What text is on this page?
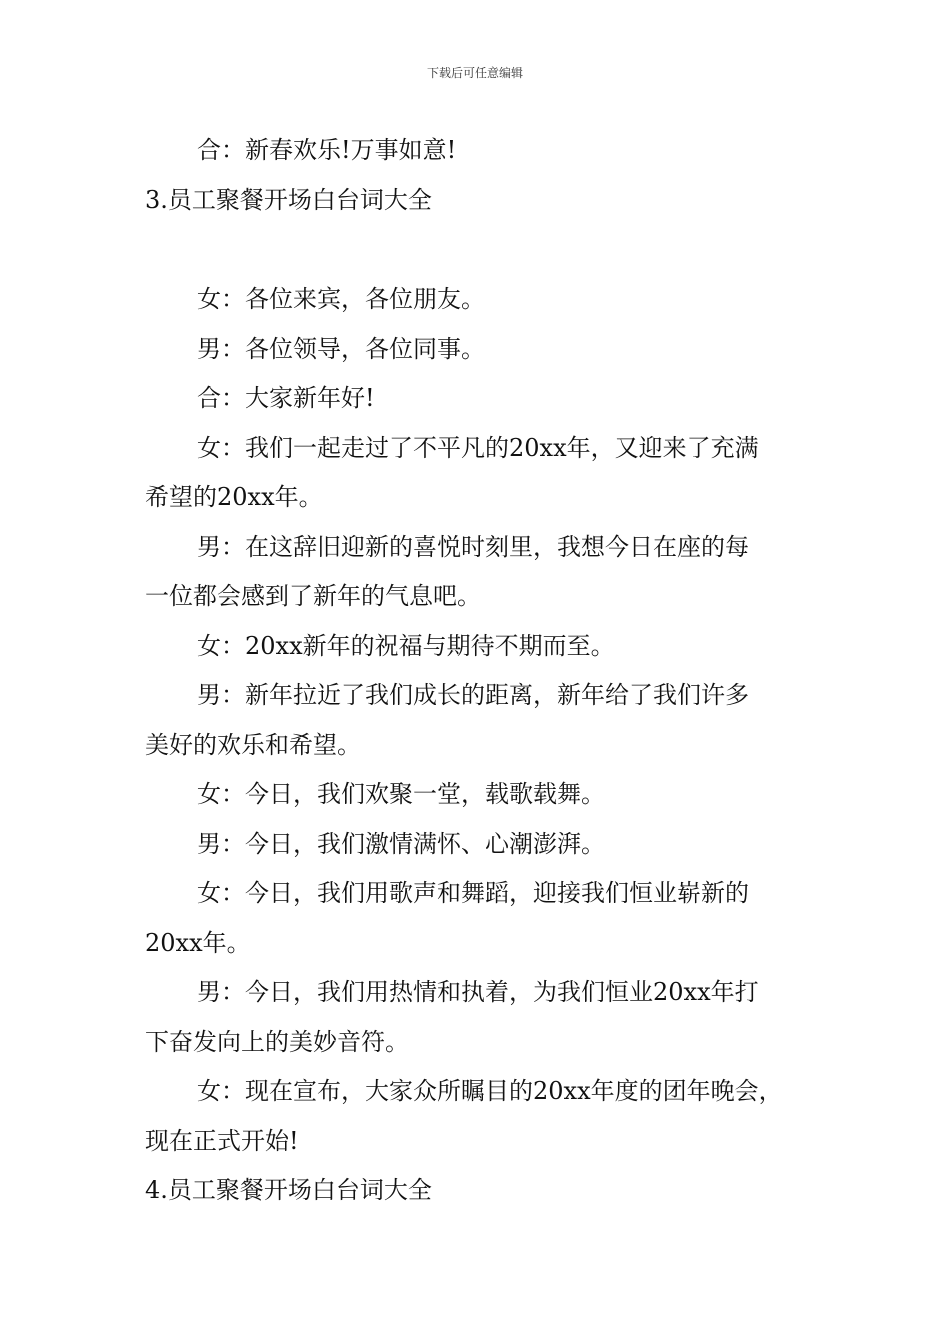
下载后可任意编辑

合：新春欢乐!万事如意!

3.员工聚餐开场白台词大全

女：各位来宾，各位朋友。

男：各位领导，各位同事。

合：大家新年好!

女：我们一起走过了不平凡的20xx年，又迎来了充满

希望的20xx年。

男：在这辞旧迎新的喜悦时刻里，我想今日在座的每

一位都会感到了新年的气息吧。

女：20xx新年的祝福与期待不期而至。

男：新年拉近了我们成长的距离，新年给了我们许多

美好的欢乐和希望。

女：今日，我们欢聚一堂，载歌载舞。

男：今日，我们激情满怀、心潮澎湃。

女：今日，我们用歌声和舞蹈，迎接我们恒业崭新的

20xx年。

男：今日，我们用热情和执着，为我们恒业20xx年打

下奋发向上的美妙音符。

女：现在宣布，大家众所瞩目的20xx年度的团年晚会，

现在正式开始!

4.员工聚餐开场白台词大全
